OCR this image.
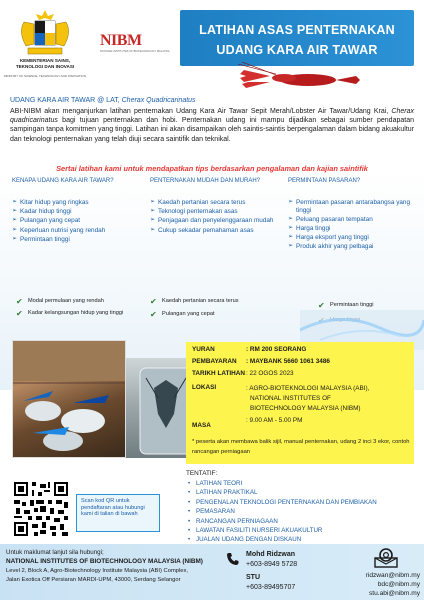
KEMENTERIAN SAINS,
TEKNOLOGI DAN INOVASI
MINISTRY OF SCIENCE, TECHNOLOGY AND INNOVATION
NIBM
NATIONAL INSTITUTES OF BIOTECHNOLOGY MALAYSIA
LATIHAN ASAS PENTERNAKAN
UDANG KARA AIR TAWAR
UDANG KARA AIR TAWAR @ LAT, Cherax Quadricarinatus
ABI-NIBM akan menganjurkan latihan penternakan Udang Kara Air Tawar Sepit Merah/Lobster Air Tawar/Udang Krai, Cherax quadricarinatus bagi tujuan penternakan dan hobi. Penternakan udang ini mampu dijadikan sebagai sumber pendapatan sampingan tanpa komitmen yang tinggi. Latihan ini akan disampaikan oleh saintis-saintis berpengalaman dalam bidang akuakultur dan teknologi penternakan yang telah diuji secara saintifik dan teknikal.
Sertai latihan kami untuk mendapatkan tips berdasarkan pengalaman dan kajian saintifik
KENAPA UDANG KARA AIR TAWAR?
➢ Kitar hidup yang ringkas
➢ Kadar hidup tinggi
➢ Pulangan yang cepat
➢ Keperluan nutrisi yang rendah
➢ Permintaan tinggi
PENTERNAKAN MUDAH DAN MURAH?
➢ Kaedah pertanian secara terus
➢ Teknologi penternakan asas
➢ Penjagaan dan penyelenggaraan mudah
➢ Cukup sekadar pemahaman asas
PERMINTAAN PASARAN?
➢ Permintaan pasaran antarabangsa yang tinggi
➢ Peluang pasaran tempatan
➢ Harga tinggi
➢ Harga eksport yang tinggi
➢ Produk akhir yang pelbagai
✔ Modal permulaan yang rendah
✔ Kadar kelangsungan hidup yang tinggi
✔ Kaedah pertanian secara terus
✔ Pulangan yang cepat
✔ Permintaan tinggi
YURAN	: RM 200 SEORANG
PEMBAYARAN : MAYBANK 5660 1061 3486
TARIKH LATIHAN : 22 OGOS 2023
LOKASI	: AGRO-BIOTEKNOLOGI MALAYSIA (ABI),
NATIONAL INSTITUTES OF
BIOTECHNOLOGY MALAYSIA (NIBM)
MASA
: 9.00 AM - 5.00 PM
* peserta akan membawa balik sijil, manual penternakan, udang 2 inci 3 ekor, contoh rancangan perniagaan
TENTATIF:
• LATIHAN TEORI
• LATIHAN PRAKTIKAL
• PENGENALAN TEKNOLOGI PENTERNAKAN DAN PEMBIAKAN
• PEMASARAN
• RANCANGAN PERNIAGAAN
• LAWATAN FASILITI NURSERI AKUAKULTUR
• JUALAN UDANG DENGAN DISKAUN
Scan kod QR untuk pendaftaran atau hubungi kami di talian di bawah
Untuk maklumat lanjut sila hubungi;
NATIONAL INSTITUTES OF BIOTECHNOLOGY MALAYSIA (NIBM)
Level 2, Block A, Agro-Biotechnology Institute Malaysia (ABI) Complex,
Jalan Exotica Off Persiaran MARDI-UPM, 43000, Serdang Selangor
Mohd Ridzwan
+603-8949 5728
STU
+603-89495707
ridzwan@nibm.my
bdc@nibm.my
stu.abi@nibm.my
